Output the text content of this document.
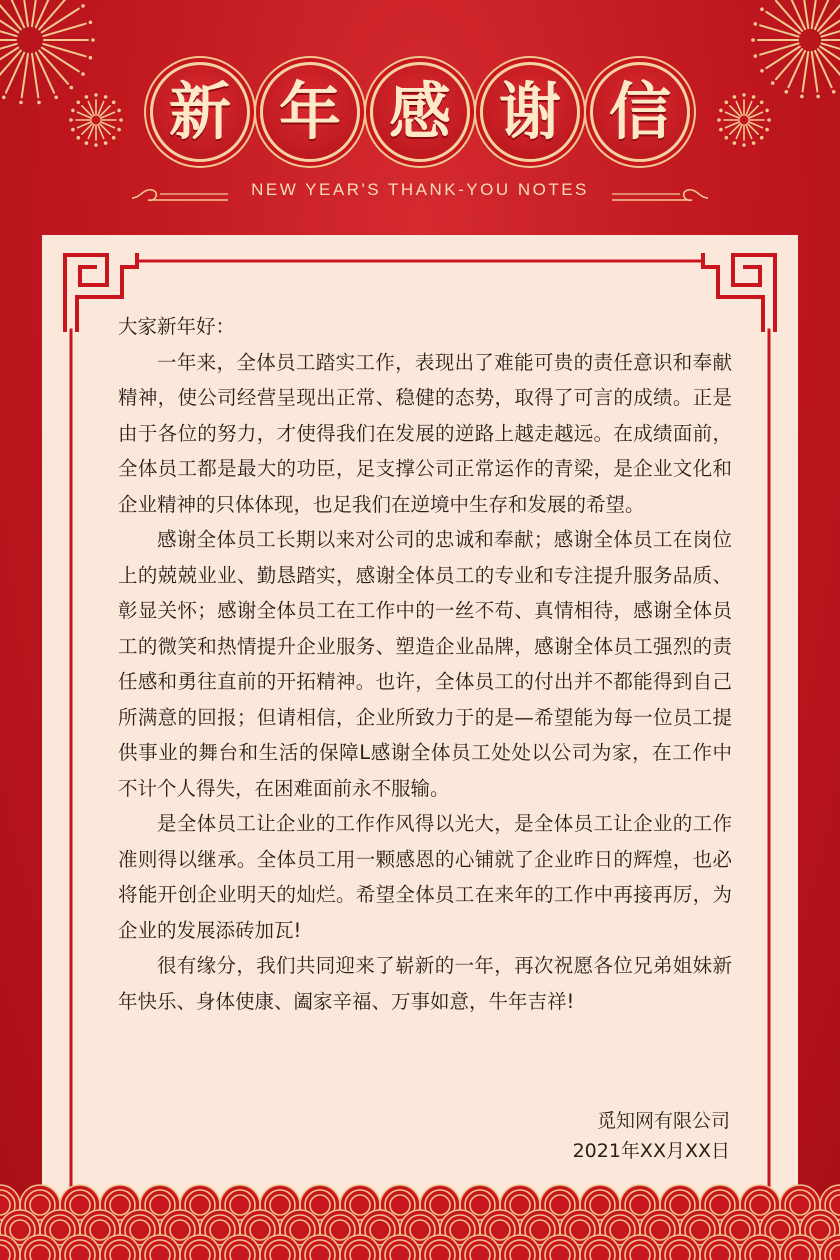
新 年 感 谢 信
NEW YEAR'S THANK-YOU NOTES

大家新年好：

一年来，全体员工踏实工作，表现出了难能可贵的责任意识和奉献精神，使公司经营呈现出正常、稳健的态势，取得了可言的成绩。正是由于各位的努力，才使得我们在发展的逆路上越走越远。在成绩面前，全体员工都是最大的功臣，足支撑公司正常运作的青梁，是企业文化和企业精神的只体体现，也足我们在逆境中生存和发展的希望。

感谢全体员工长期以来对公司的忠诚和奉献；感谢全体员工在岗位上的兢兢业业、勤恳踏实，感谢全体员工的专业和专注提升服务品质、彰显关怀；感谢全体员工在工作中的一丝不苟、真情相待，感谢全体员工的微笑和热情提升企业服务、塑造企业品牌，感谢全体员工强烈的责任感和勇往直前的开拓精神。也许，全体员工的付出并不都能得到自己所满意的回报；但请相信，企业所致力于的是—希望能为每一位员工提供事业的舞台和生活的保障L感谢全体员工处处以公司为家，在工作中不计个人得失，在困难面前永不服输。

是全体员工让企业的工作作风得以光大，是全体员工让企业的工作准则得以继承。全体员工用一颗感恩的心铺就了企业昨日的辉煌，也必将能开创企业明天的灿烂。希望全体员工在来年的工作中再接再厉，为企业的发展添砖加瓦!

很有缘分，我们共同迎来了崭新的一年，再次祝愿各位兄弟姐妹新年快乐、身体使康、阖家辛福、万事如意，牛年吉祥!

觅知网有限公司
2021年XX月XX日
